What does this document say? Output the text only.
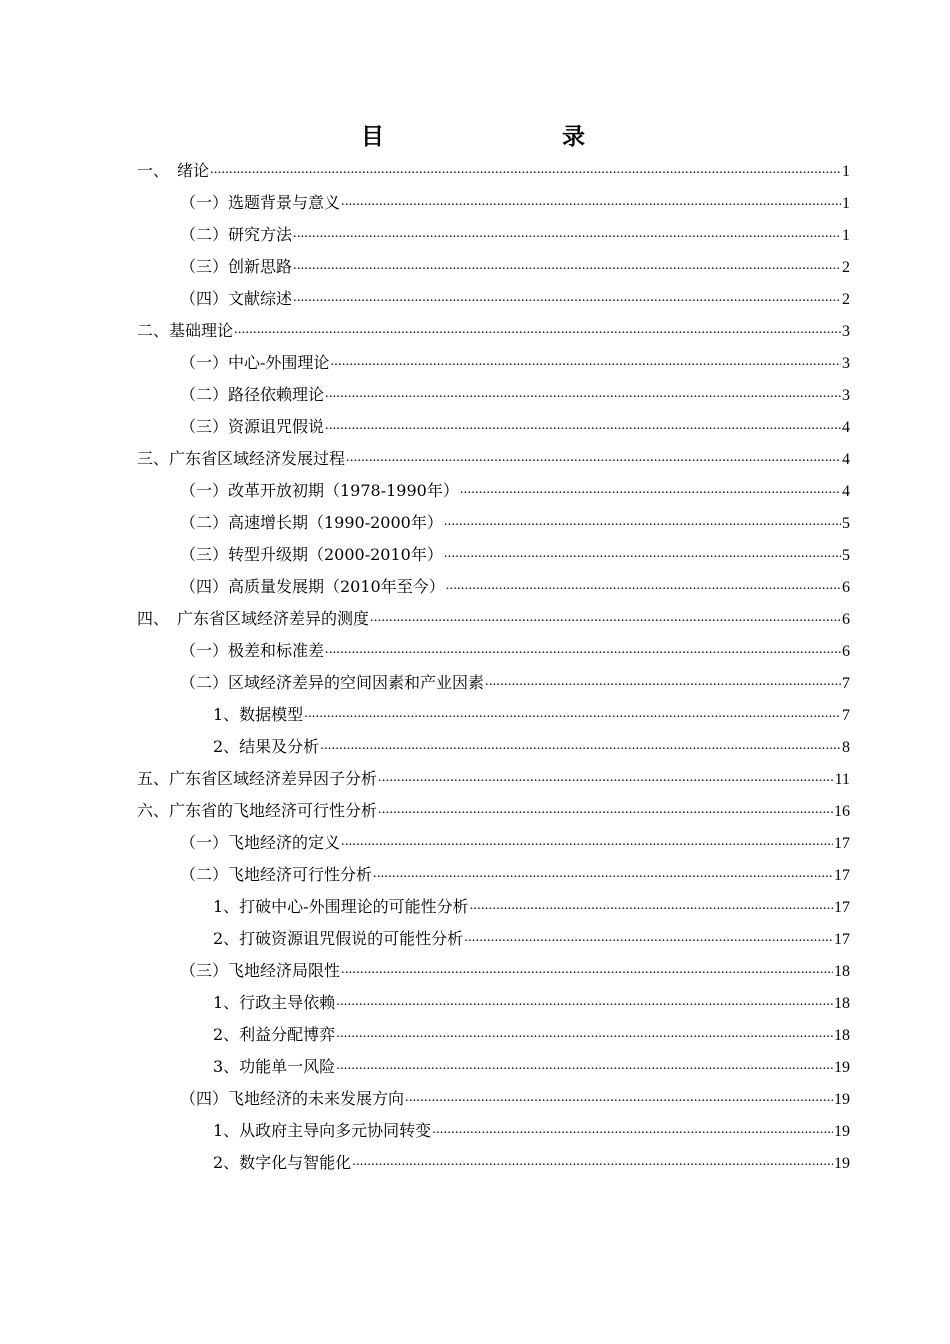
目　　录
一、　绪论 .....	1
（一）选题背景与意义 .....	1
（二）研究方法 .....	1
（三）创新思路 .....	2
（四）文献综述 .....	2
二、基础理论 .....	3
（一）中心-外围理论 .....	3
（二）路径依赖理论 .....	3
（三）资源诅咒假说 .....	4
三、广东省区域经济发展过程 .....	4
（一）改革开放初期（1978-1990年） .....	4
（二）高速增长期（1990-2000年） .....	5
（三）转型升级期（2000-2010年） .....	5
（四）高质量发展期（2010年至今） .....	6
四、　广东省区域经济差异的测度 .....	6
（一）极差和标准差 .....	6
（二）区域经济差异的空间因素和产业因素 .....	7
1、数据模型 .....	7
2、结果及分析 .....	8
五、广东省区域经济差异因子分析 .....	11
六、广东省的飞地经济可行性分析 .....	16
（一）飞地经济的定义 .....	17
（二）飞地经济可行性分析 .....	17
1、打破中心-外围理论的可能性分析 .....	17
2、打破资源诅咒假说的可能性分析 .....	17
（三）飞地经济局限性 .....	18
1、行政主导依赖 .....	18
2、利益分配博弈 .....	18
3、功能单一风险 .....	19
（四）飞地经济的未来发展方向 .....	19
1、从政府主导向多元协同转变 .....	19
2、数字化与智能化 .....	19
